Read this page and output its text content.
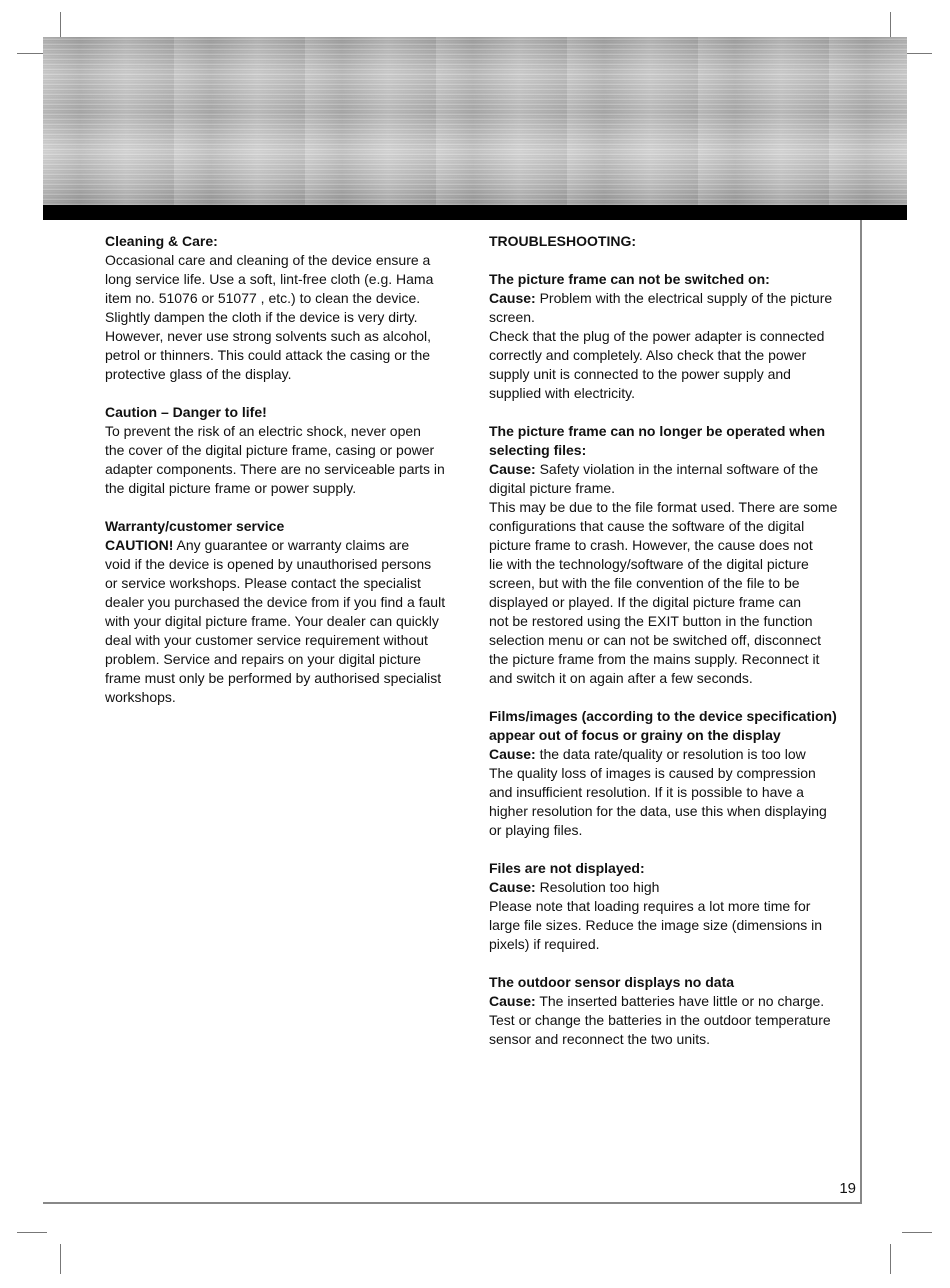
Cleaning & Care:
Occasional care and cleaning of the device ensure a
long service life. Use a soft, lint-free cloth (e.g. Hama
item no. 51076 or 51077 , etc.) to clean the device.
Slightly dampen the cloth if the device is very dirty.
However, never use strong solvents such as alcohol,
petrol or thinners. This could attack the casing or the
protective glass of the display.
Caution – Danger to life!
To prevent the risk of an electric shock, never open
the cover of the digital picture frame, casing or power
adapter components. There are no serviceable parts in
the digital picture frame or power supply.
Warranty/customer service
CAUTION! Any guarantee or warranty claims are
void if the device is opened by unauthorised persons
or service workshops. Please contact the specialist
dealer you purchased the device from if you find a fault
with your digital picture frame. Your dealer can quickly
deal with your customer service requirement without
problem. Service and repairs on your digital picture
frame must only be performed by authorised specialist
workshops.
TROUBLESHOOTING:
The picture frame can not be switched on:
Cause: Problem with the electrical supply of the picture
screen.
Check that the plug of the power adapter is connected
correctly and completely. Also check that the power
supply unit is connected to the power supply and
supplied with electricity.
The picture frame can no longer be operated when
selecting files:
Cause: Safety violation in the internal software of the
digital picture frame.
This may be due to the file format used. There are some
configurations that cause the software of the digital
picture frame to crash. However, the cause does not
lie with the technology/software of the digital picture
screen, but with the file convention of the file to be
displayed or played. If the digital picture frame can
not be restored using the EXIT button in the function
selection menu or can not be switched off, disconnect
the picture frame from the mains supply. Reconnect it
and switch it on again after a few seconds.
Films/images (according to the device specification)
appear out of focus or grainy on the display
Cause: the data rate/quality or resolution is too low
The quality loss of images is caused by compression
and insufficient resolution. If it is possible to have a
higher resolution for the data, use this when displaying
or playing files.
Files are not displayed:
Cause: Resolution too high
Please note that loading requires a lot more time for
large file sizes. Reduce the image size (dimensions in
pixels) if required.
The outdoor sensor displays no data
Cause: The inserted batteries have little or no charge.
Test or change the batteries in the outdoor temperature
sensor and reconnect the two units.
19
